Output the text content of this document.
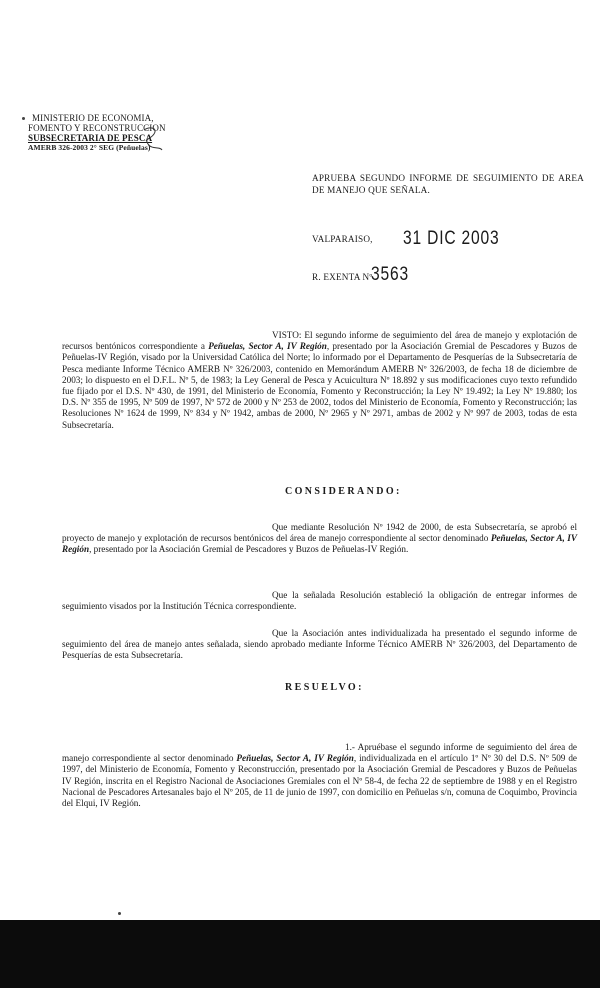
MINISTERIO DE ECONOMIA,
FOMENTO Y RECONSTRUCCION
SUBSECRETARIA DE PESCA
AMERB 326-2003 2° SEG (Peñuelas)
APRUEBA SEGUNDO INFORME DE SEGUIMIENTO DE AREA DE MANEJO QUE SEÑALA.
VALPARAISO, 31 DIC 2003
R. EXENTA Nº
3563
VISTO: El segundo informe de seguimiento del área de manejo y explotación de recursos bentónicos correspondiente a Peñuelas, Sector A, IV Región, presentado por la Asociación Gremial de Pescadores y Buzos de Peñuelas-IV Región, visado por la Universidad Católica del Norte; lo informado por el Departamento de Pesquerías de la Subsecretaría de Pesca mediante Informe Técnico AMERB Nº 326/2003, contenido en Memorándum AMERB Nº 326/2003, de fecha 18 de diciembre de 2003; lo dispuesto en el D.F.L. Nº 5, de 1983; la Ley General de Pesca y Acuicultura Nº 18.892 y sus modificaciones cuyo texto refundido fue fijado por el D.S. Nº 430, de 1991, del Ministerio de Economía, Fomento y Reconstrucción; la Ley Nº 19.492; la Ley Nº 19.880; los D.S. Nº 355 de 1995, Nº 509 de 1997, Nº 572 de 2000 y Nº 253 de 2002, todos del Ministerio de Economía, Fomento y Reconstrucción; las Resoluciones Nº 1624 de 1999, Nº 834 y Nº 1942, ambas de 2000, Nº 2965 y Nº 2971, ambas de 2002 y Nº 997 de 2003, todas de esta Subsecretaría.
CONSIDERANDO:
Que mediante Resolución Nº 1942 de 2000, de esta Subsecretaría, se aprobó el proyecto de manejo y explotación de recursos bentónicos del área de manejo correspondiente al sector denominado Peñuelas, Sector A, IV Región, presentado por la Asociación Gremial de Pescadores y Buzos de Peñuelas-IV Región.
Que la señalada Resolución estableció la obligación de entregar informes de seguimiento visados por la Institución Técnica correspondiente.
Que la Asociación antes individualizada ha presentado el segundo informe de seguimiento del área de manejo antes señalada, siendo aprobado mediante Informe Técnico AMERB Nº 326/2003, del Departamento de Pesquerías de esta Subsecretaría.
RESUELVO:
1.- Apruébase el segundo informe de seguimiento del área de manejo correspondiente al sector denominado Peñuelas, Sector A, IV Región, individualizada en el artículo 1º Nº 30 del D.S. Nº 509 de 1997, del Ministerio de Economía, Fomento y Reconstrucción, presentado por la Asociación Gremial de Pescadores y Buzos de Peñuelas IV Región, inscrita en el Registro Nacional de Asociaciones Gremiales con el Nº 58-4, de fecha 22 de septiembre de 1988 y en el Registro Nacional de Pescadores Artesanales bajo el Nº 205, de 11 de junio de 1997, con domicilio en Peñuelas s/n, comuna de Coquimbo, Provincia del Elqui, IV Región.
